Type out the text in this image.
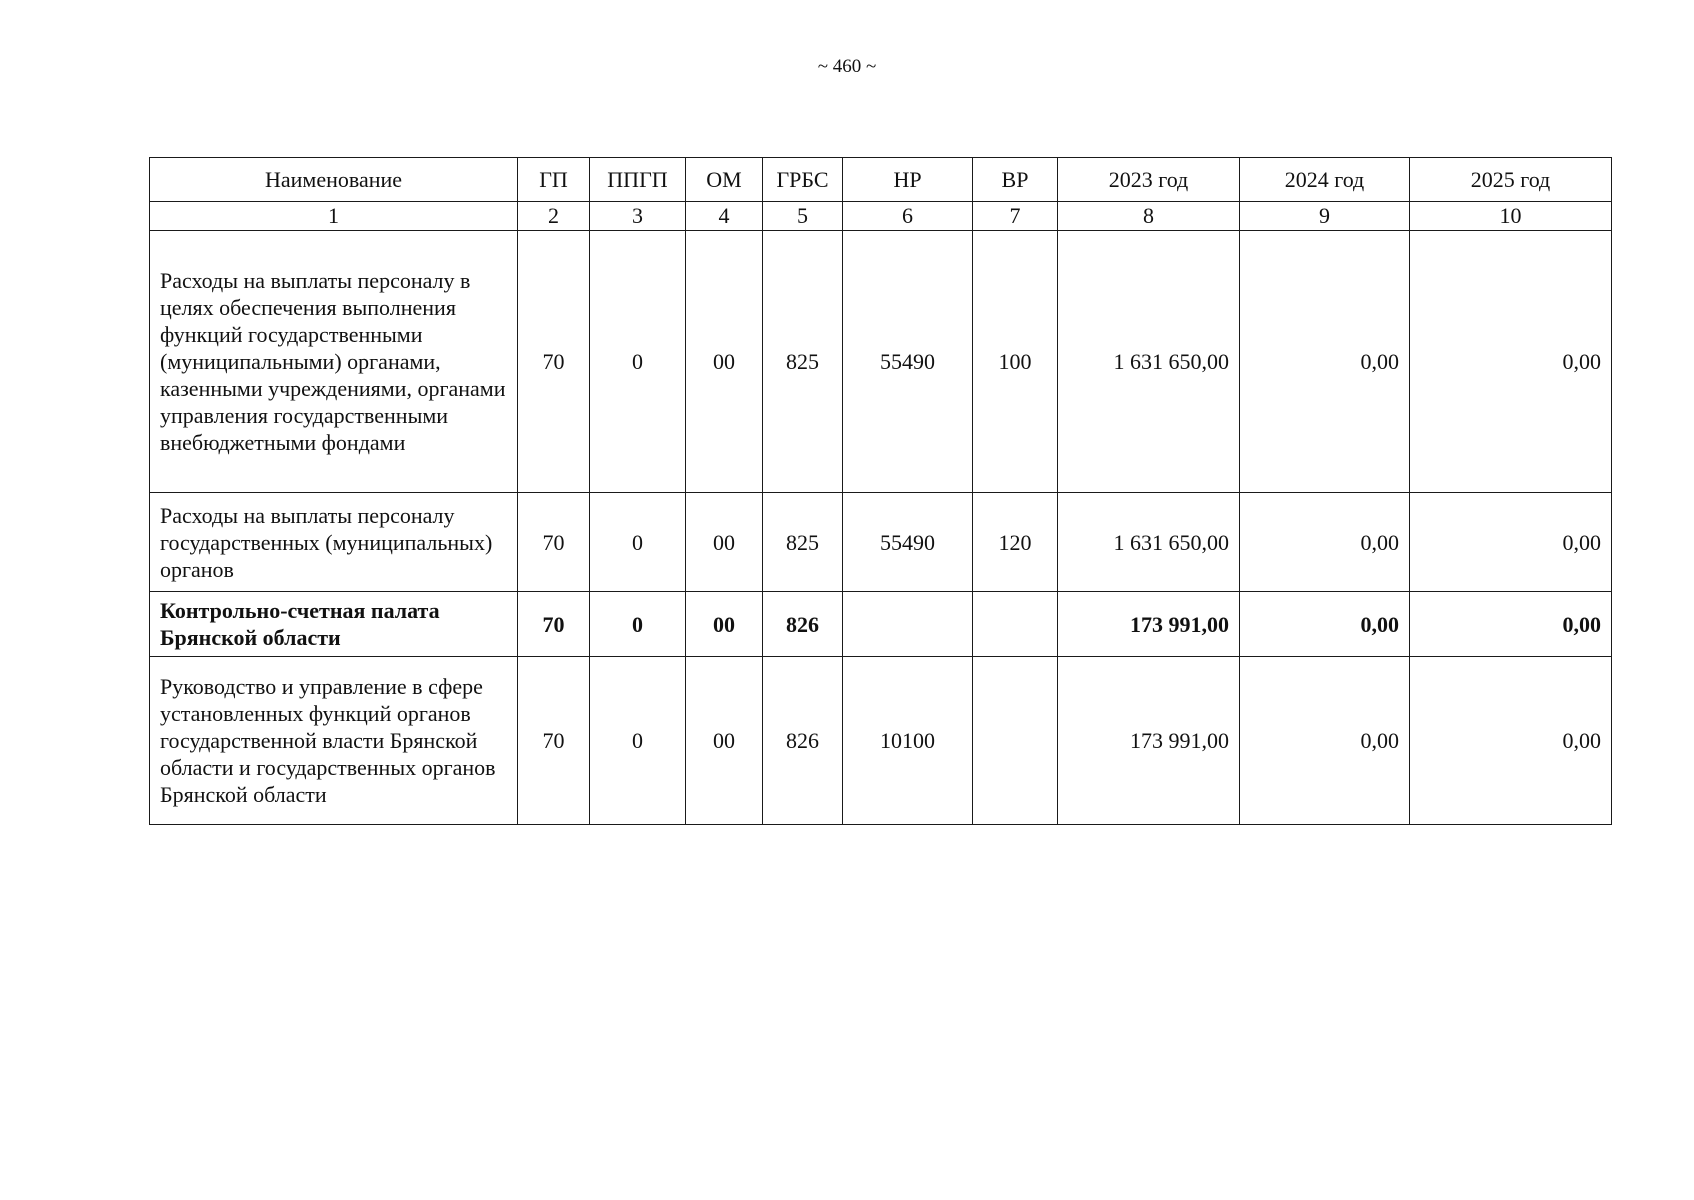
~ 460 ~
Наименование	ГП	ППГП	ОМ	ГРБС	НР	ВР	2023 год	2024 год	2025 год
1	2	3	4	5	6	7	8	9	10
Расходы на выплаты персоналу в целях обеспечения выполнения функций государственными (муниципальными) органами, казенными учреждениями, органами управления государственными внебюджетными фондами	70	0	00	825	55490	100	1 631 650,00	0,00	0,00
Расходы на выплаты персоналу государственных (муниципальных) органов	70	0	00	825	55490	120	1 631 650,00	0,00	0,00
Контрольно-счетная палата Брянской области	70	0	00	826			173 991,00	0,00	0,00
Руководство и управление в сфере установленных функций органов государственной власти Брянской области и государственных органов Брянской области	70	0	00	826	10100		173 991,00	0,00	0,00
